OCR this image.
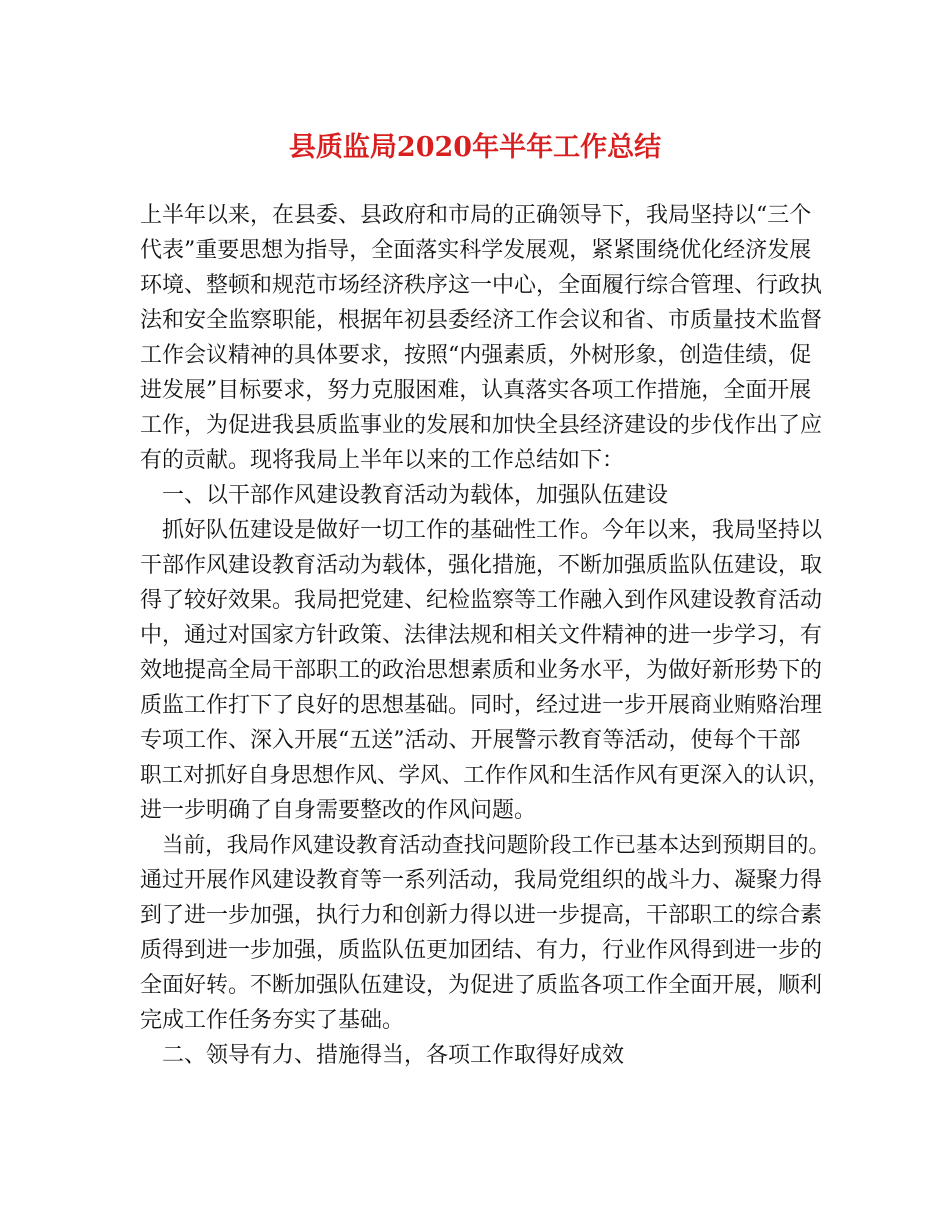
县质监局2020年半年工作总结
上半年以来，在县委、县政府和市局的正确领导下，我局坚持以“三个
代表”重要思想为指导，全面落实科学发展观，紧紧围绕优化经济发展
环境、整顿和规范市场经济秩序这一中心，全面履行综合管理、行政执
法和安全监察职能，根据年初县委经济工作会议和省、市质量技术监督
工作会议精神的具体要求，按照“内强素质，外树形象，创造佳绩，促
进发展”目标要求，努力克服困难，认真落实各项工作措施，全面开展
工作，为促进我县质监事业的发展和加快全县经济建设的步伐作出了应
有的贡献。现将我局上半年以来的工作总结如下：
一、以干部作风建设教育活动为载体，加强队伍建设
抓好队伍建设是做好一切工作的基础性工作。今年以来，我局坚持以
干部作风建设教育活动为载体，强化措施，不断加强质监队伍建设，取
得了较好效果。我局把党建、纪检监察等工作融入到作风建设教育活动
中，通过对国家方针政策、法律法规和相关文件精神的进一步学习，有
效地提高全局干部职工的政治思想素质和业务水平，为做好新形势下的
质监工作打下了良好的思想基础。同时，经过进一步开展商业贿赂治理
专项工作、深入开展“五送”活动、开展警示教育等活动，使每个干部
职工对抓好自身思想作风、学风、工作作风和生活作风有更深入的认识，
进一步明确了自身需要整改的作风问题。
当前，我局作风建设教育活动查找问题阶段工作已基本达到预期目的。
通过开展作风建设教育等一系列活动，我局党组织的战斗力、凝聚力得
到了进一步加强，执行力和创新力得以进一步提高，干部职工的综合素
质得到进一步加强，质监队伍更加团结、有力，行业作风得到进一步的
全面好转。不断加强队伍建设，为促进了质监各项工作全面开展，顺利
完成工作任务夯实了基础。
二、领导有力、措施得当，各项工作取得好成效
